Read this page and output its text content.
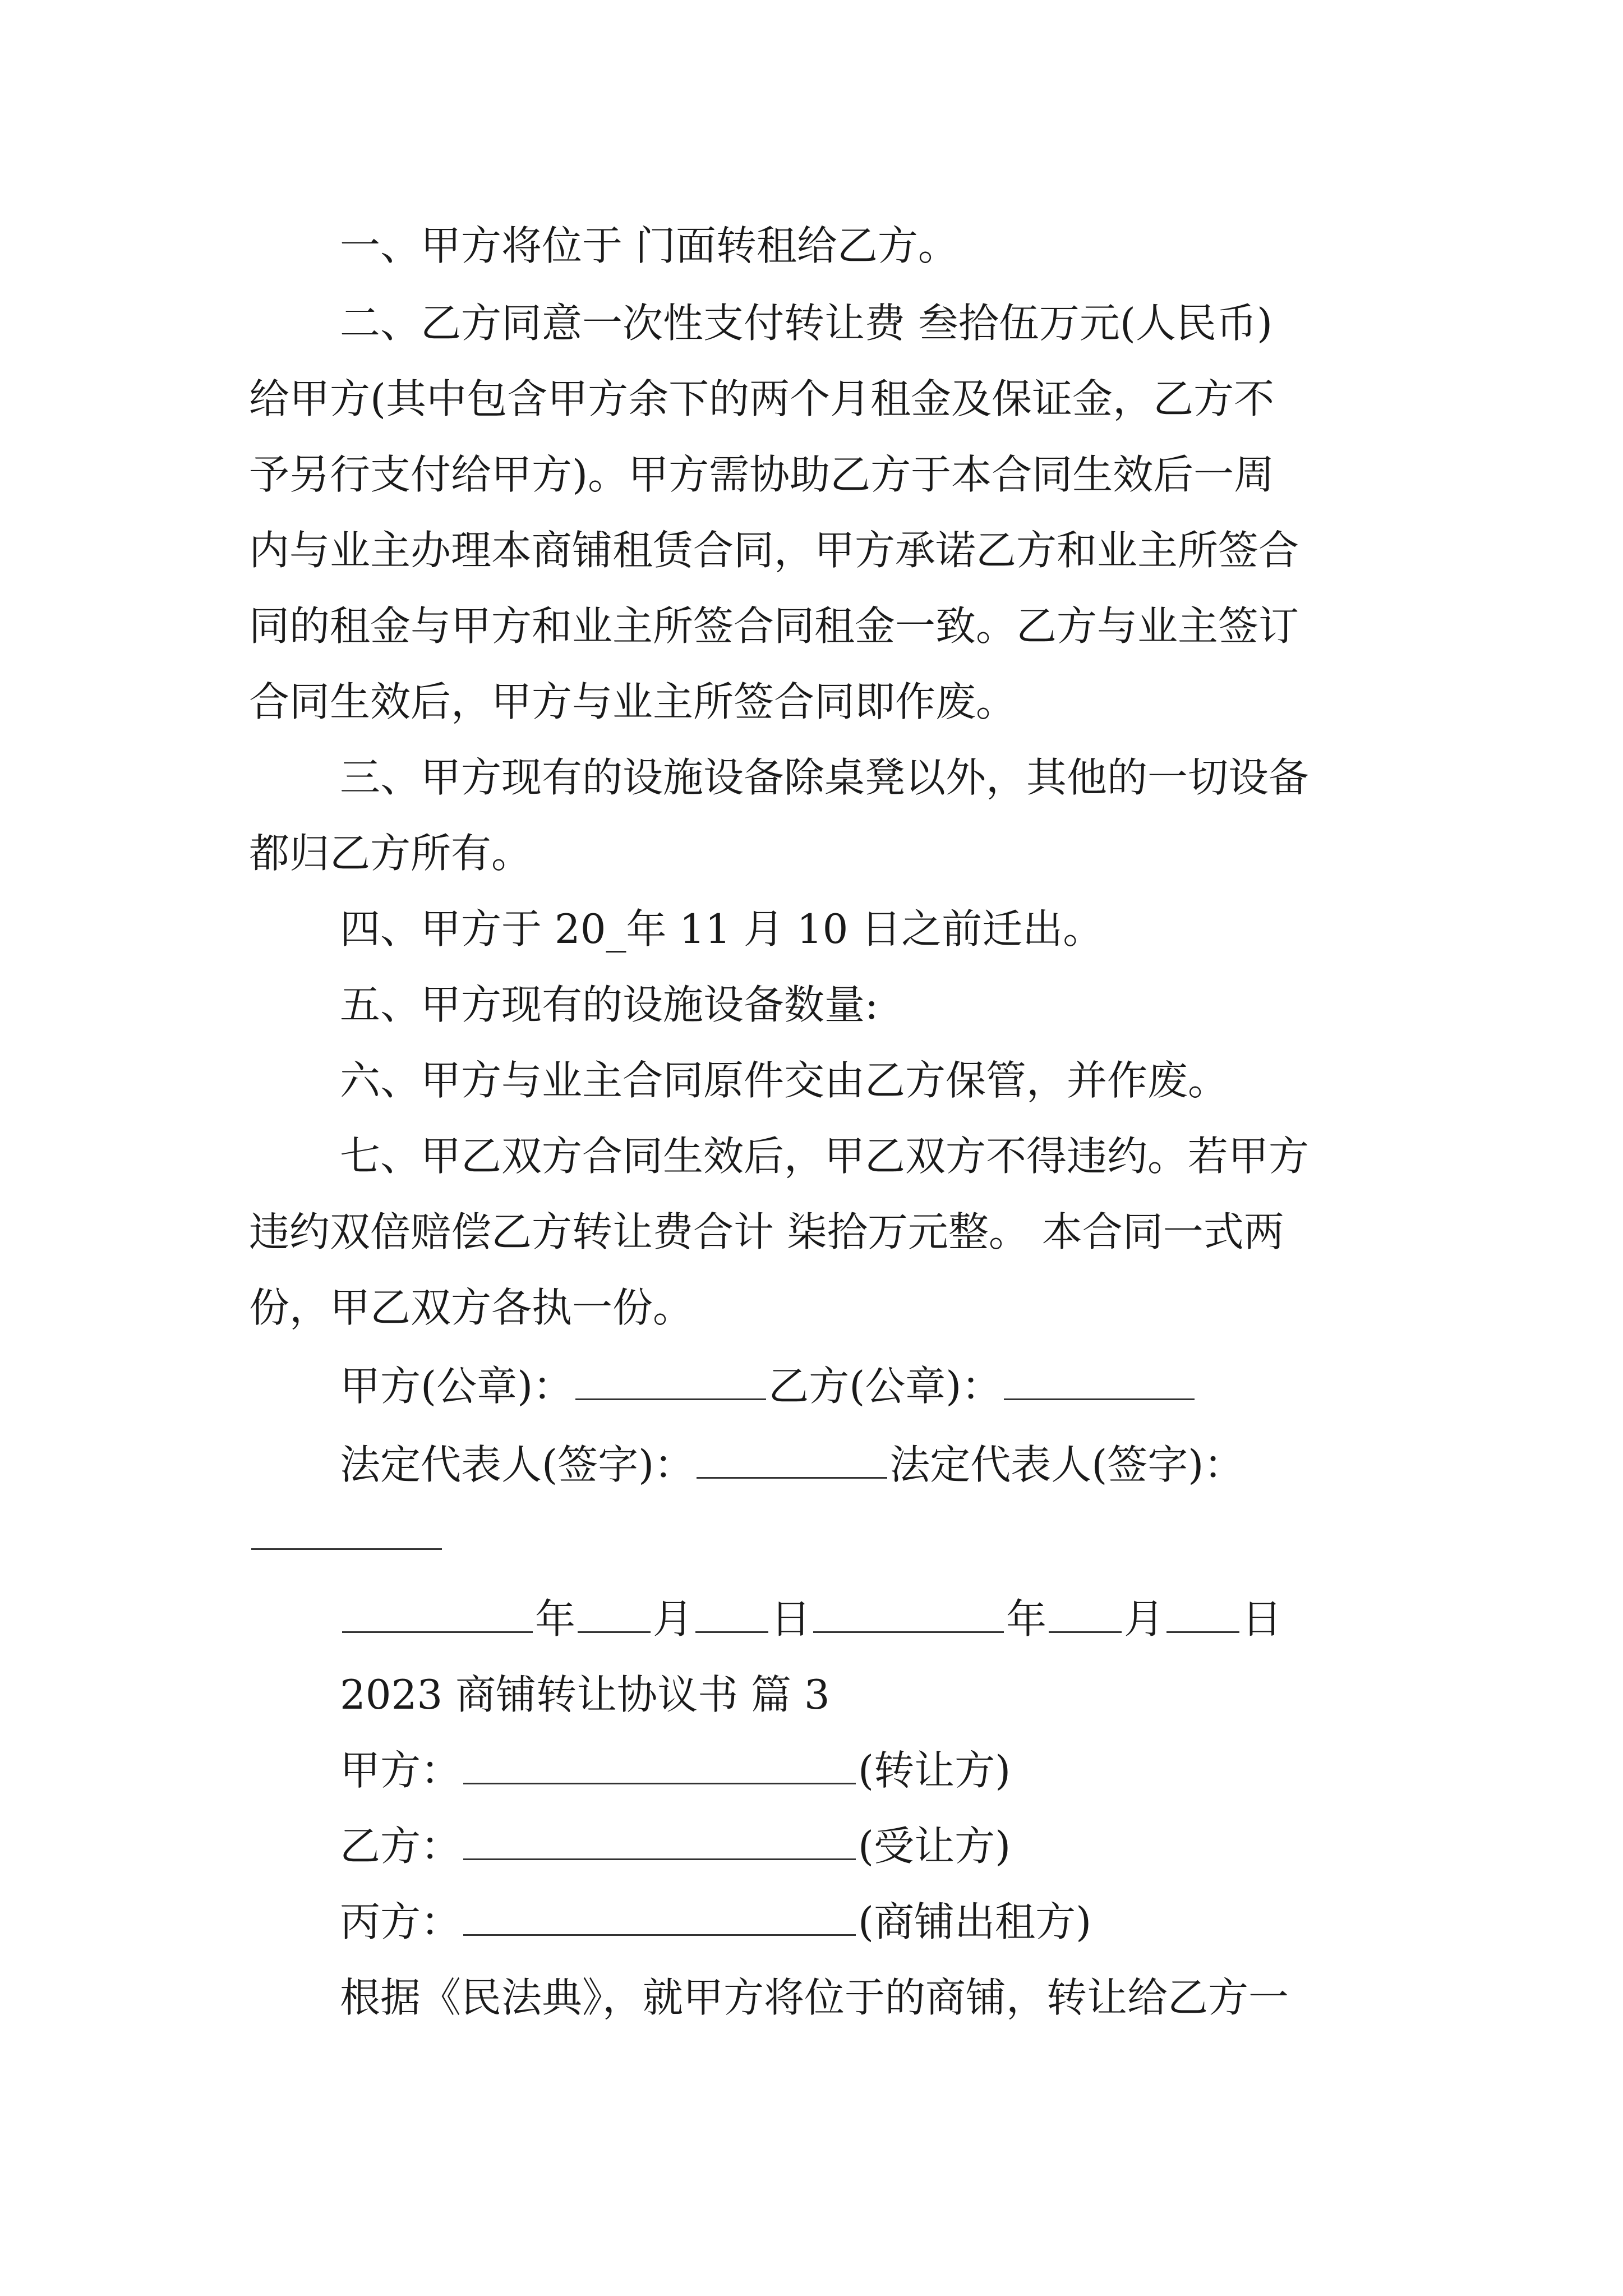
一、甲方将位于 门面转租给乙方。
二、乙方同意一次性支付转让费 叁拾伍万元(人民币)
给甲方(其中包含甲方余下的两个月租金及保证金，乙方不
予另行支付给甲方)。甲方需协助乙方于本合同生效后一周
内与业主办理本商铺租赁合同，甲方承诺乙方和业主所签合
同的租金与甲方和业主所签合同租金一致。乙方与业主签订
合同生效后，甲方与业主所签合同即作废。
三、甲方现有的设施设备除桌凳以外，其他的一切设备
都归乙方所有。
四、甲方于 20_年 11 月 10 日之前迁出。
五、甲方现有的设施设备数量:
六、甲方与业主合同原件交由乙方保管，并作废。
七、甲乙双方合同生效后，甲乙双方不得违约。若甲方
违约双倍赔偿乙方转让费合计 柒拾万元整。 本合同一式两
份，甲乙双方各执一份。
甲方(公章)：	乙方(公章)：
法定代表人(签字)：	法定代表人(签字)：
年 月 日	年 月 日
2023 商铺转让协议书 篇 3
甲方：	(转让方)
乙方：	(受让方)
丙方：	(商铺出租方)
根据《民法典》，就甲方将位于的商铺，转让给乙方一
